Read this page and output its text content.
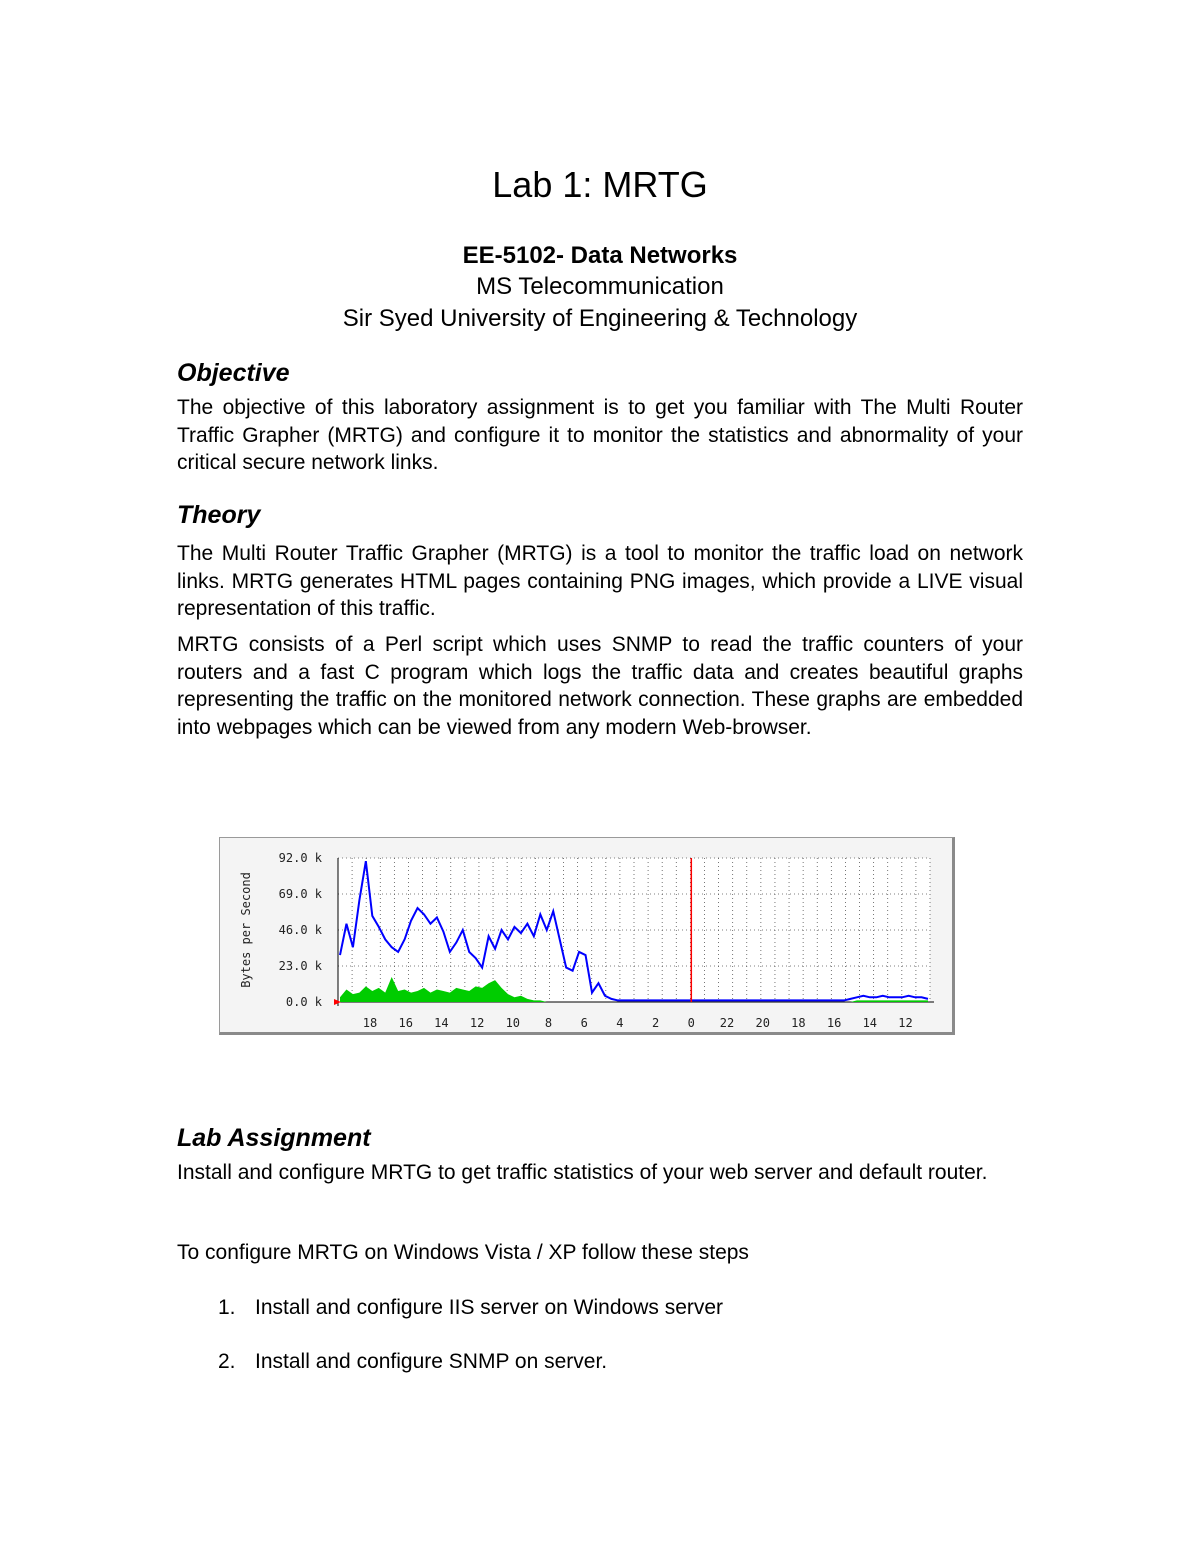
Lab 1: MRTG
EE-5102- Data Networks
MS Telecommunication
Sir Syed University of Engineering & Technology
Objective
The objective of this laboratory assignment is to get you familiar with The Multi Router Traffic Grapher (MRTG) and configure it to monitor the statistics and abnormality of your critical secure network links.
Theory
The Multi Router Traffic Grapher (MRTG) is a tool to monitor the traffic load on network links. MRTG generates HTML pages containing PNG images, which provide a LIVE visual representation of this traffic.
MRTG consists of a Perl script which uses SNMP to read the traffic counters of your routers and a fast C program which logs the traffic data and creates beautiful graphs representing the traffic on the monitored network connection. These graphs are embedded into webpages which can be viewed from any modern Web-browser.
92.0 k
69.0 k
46.0 k
23.0 k
0.0 k
18 16 14 12 10 8 6 4 2 0 22 20 18 16 14 12
Bytes per Second
Lab Assignment
Install and configure MRTG to get traffic statistics of your web server and default router.
To configure MRTG on Windows Vista / XP follow these steps
1. Install and configure IIS server on Windows server
2. Install and configure SNMP on server.
